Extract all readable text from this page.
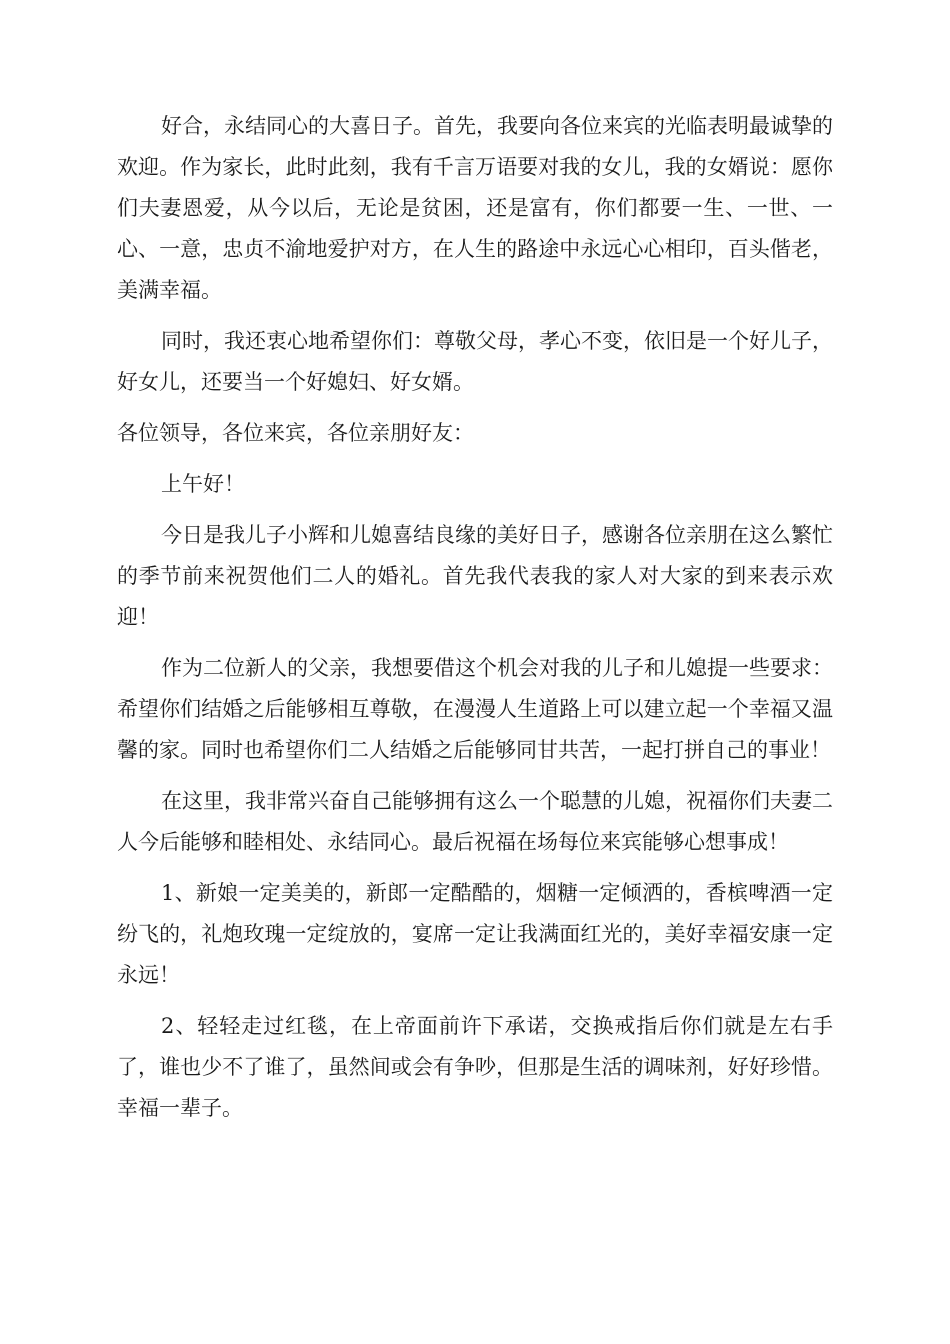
好合，永结同心的大喜日子。首先，我要向各位来宾的光临表明最诚挚的欢迎。作为家长，此时此刻，我有千言万语要对我的女儿，我的女婿说：愿你们夫妻恩爱，从今以后，无论是贫困，还是富有，你们都要一生、一世、一心、一意，忠贞不渝地爱护对方，在人生的路途中永远心心相印，百头偕老，美满幸福。

同时，我还衷心地希望你们：尊敬父母，孝心不变，依旧是一个好儿子，好女儿，还要当一个好媳妇、好女婿。

各位领导，各位来宾，各位亲朋好友：

上午好！

今日是我儿子小辉和儿媳喜结良缘的美好日子，感谢各位亲朋在这么繁忙的季节前来祝贺他们二人的婚礼。首先我代表我的家人对大家的到来表示欢迎！

作为二位新人的父亲，我想要借这个机会对我的儿子和儿媳提一些要求：希望你们结婚之后能够相互尊敬，在漫漫人生道路上可以建立起一个幸福又温馨的家。同时也希望你们二人结婚之后能够同甘共苦，一起打拼自己的事业！

在这里，我非常兴奋自己能够拥有这么一个聪慧的儿媳，祝福你们夫妻二人今后能够和睦相处、永结同心。最后祝福在场每位来宾能够心想事成！

1、新娘一定美美的，新郎一定酷酷的，烟糖一定倾洒的，香槟啤酒一定纷飞的，礼炮玫瑰一定绽放的，宴席一定让我满面红光的，美好幸福安康一定永远！

2、轻轻走过红毯，在上帝面前许下承诺，交换戒指后你们就是左右手了，谁也少不了谁了，虽然间或会有争吵，但那是生活的调味剂，好好珍惜。幸福一辈子。
